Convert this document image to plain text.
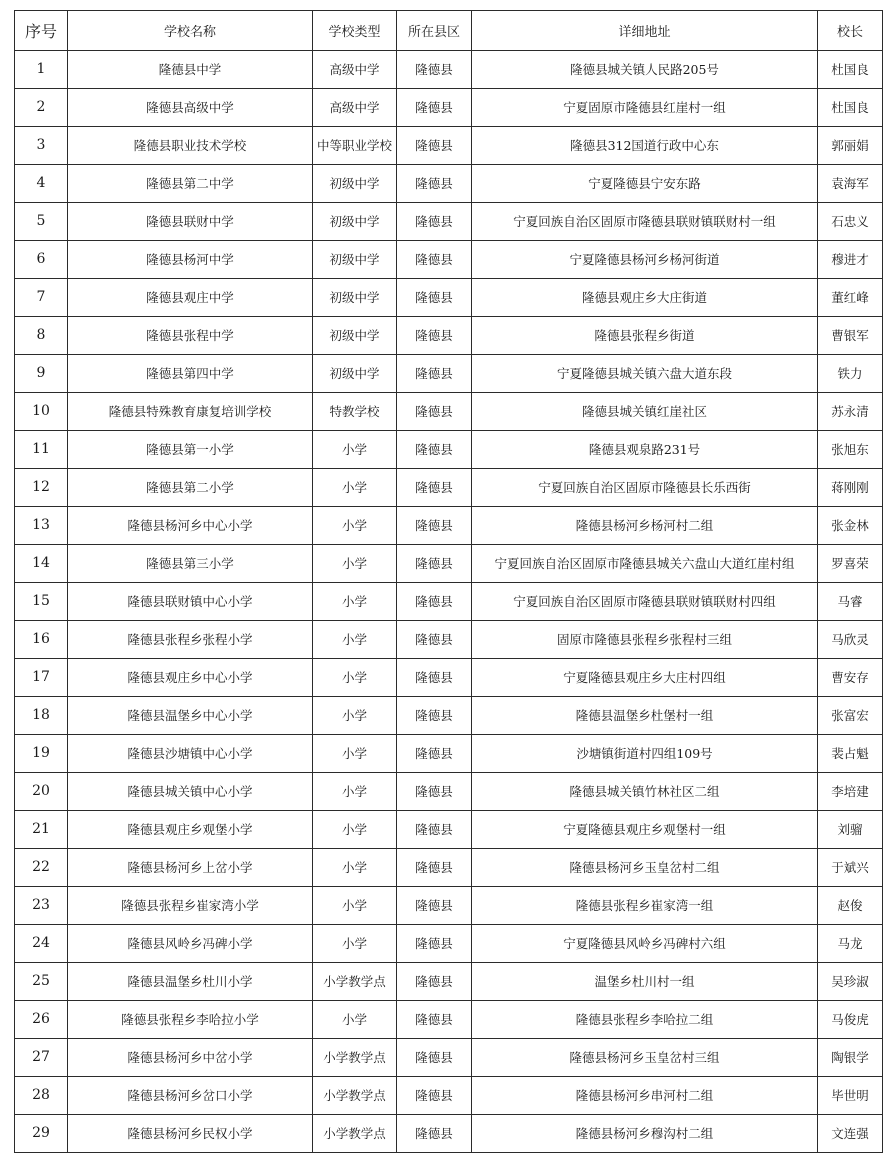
序号	学校名称	学校类型	所在县区	详细地址	校长
1	隆德县中学	高级中学	隆德县	隆德县城关镇人民路205号	杜国良
2	隆德县高级中学	高级中学	隆德县	宁夏固原市隆德县红崖村一组	杜国良
3	隆德县职业技术学校	中等职业学校	隆德县	隆德县312国道行政中心东	郭丽娟
4	隆德县第二中学	初级中学	隆德县	宁夏隆德县宁安东路	袁海军
5	隆德县联财中学	初级中学	隆德县	宁夏回族自治区固原市隆德县联财镇联财村一组	石忠义
6	隆德县杨河中学	初级中学	隆德县	宁夏隆德县杨河乡杨河街道	穆进才
7	隆德县观庄中学	初级中学	隆德县	隆德县观庄乡大庄街道	董红峰
8	隆德县张程中学	初级中学	隆德县	隆德县张程乡街道	曹银军
9	隆德县第四中学	初级中学	隆德县	宁夏隆德县城关镇六盘大道东段	铁力
10	隆德县特殊教育康复培训学校	特教学校	隆德县	隆德县城关镇红崖社区	苏永清
11	隆德县第一小学	小学	隆德县	隆德县观泉路231号	张旭东
12	隆德县第二小学	小学	隆德县	宁夏回族自治区固原市隆德县长乐西街	蒋刚刚
13	隆德县杨河乡中心小学	小学	隆德县	隆德县杨河乡杨河村二组	张金林
14	隆德县第三小学	小学	隆德县	宁夏回族自治区固原市隆德县城关六盘山大道红崖村组	罗喜荣
15	隆德县联财镇中心小学	小学	隆德县	宁夏回族自治区固原市隆德县联财镇联财村四组	马睿
16	隆德县张程乡张程小学	小学	隆德县	固原市隆德县张程乡张程村三组	马欣灵
17	隆德县观庄乡中心小学	小学	隆德县	宁夏隆德县观庄乡大庄村四组	曹安存
18	隆德县温堡乡中心小学	小学	隆德县	隆德县温堡乡杜堡村一组	张富宏
19	隆德县沙塘镇中心小学	小学	隆德县	沙塘镇街道村四组109号	裴占魁
20	隆德县城关镇中心小学	小学	隆德县	隆德县城关镇竹林社区二组	李培建
21	隆德县观庄乡观堡小学	小学	隆德县	宁夏隆德县观庄乡观堡村一组	刘骝
22	隆德县杨河乡上岔小学	小学	隆德县	隆德县杨河乡玉皇岔村二组	于斌兴
23	隆德县张程乡崔家湾小学	小学	隆德县	隆德县张程乡崔家湾一组	赵俊
24	隆德县风岭乡冯碑小学	小学	隆德县	宁夏隆德县风岭乡冯碑村六组	马龙
25	隆德县温堡乡杜川小学	小学教学点	隆德县	温堡乡杜川村一组	吴珍淑
26	隆德县张程乡李哈拉小学	小学	隆德县	隆德县张程乡李哈拉二组	马俊虎
27	隆德县杨河乡中岔小学	小学教学点	隆德县	隆德县杨河乡玉皇岔村三组	陶银学
28	隆德县杨河乡岔口小学	小学教学点	隆德县	隆德县杨河乡串河村二组	毕世明
29	隆德县杨河乡民权小学	小学教学点	隆德县	隆德县杨河乡穆沟村二组	文连强
